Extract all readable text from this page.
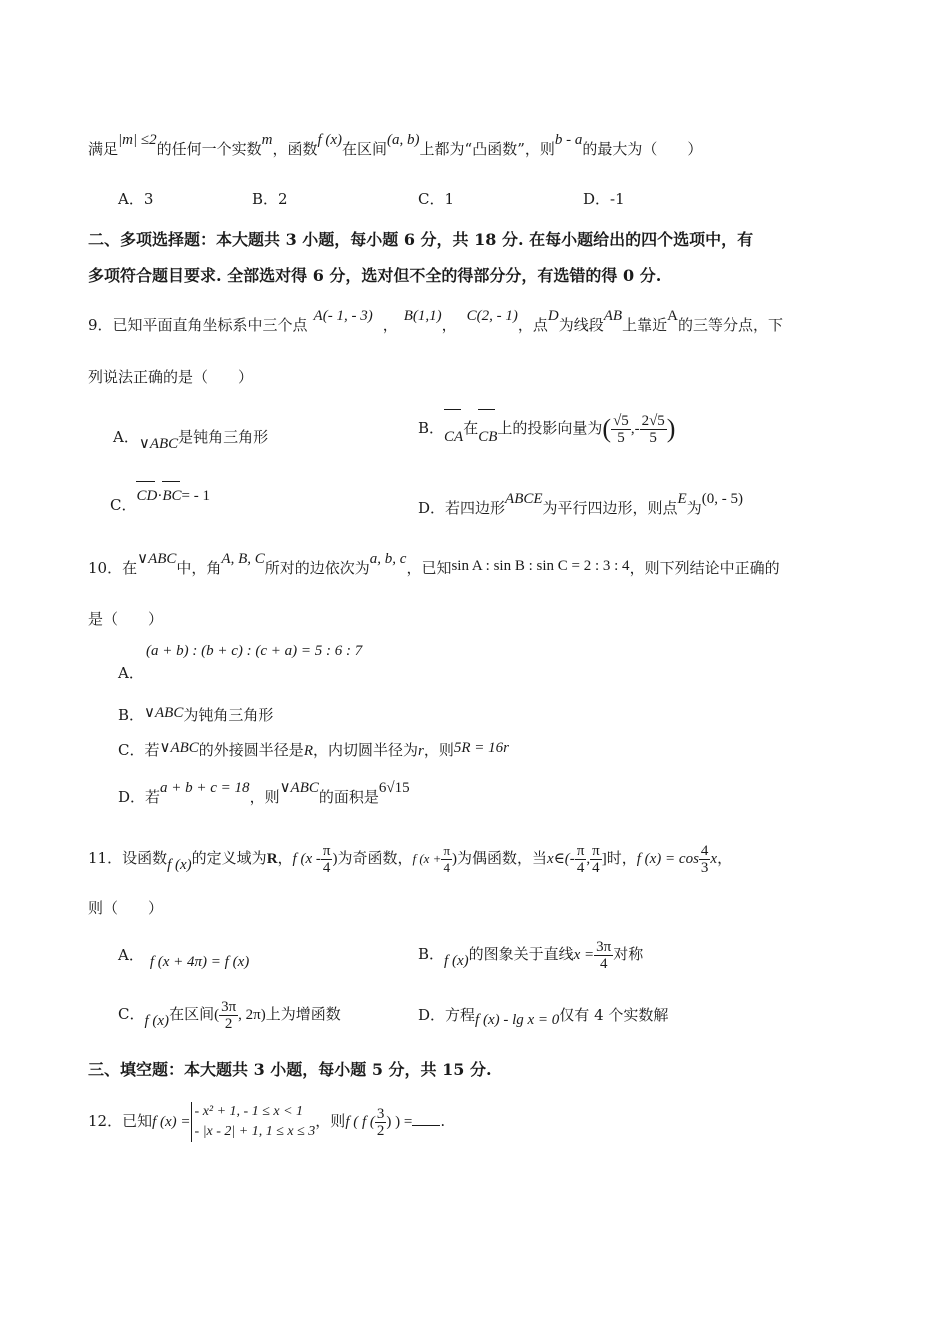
满足|m| ≤2的任何一个实数m，函数f (x)在区间(a, b)上都为“凸函数”，则b - a的最大为（　　）
A．3	B．2	C．1	D．-1
二、多项选择题：本大题共 3 小题，每小题 6 分，共 18 分. 在每小题给出的四个选项中，有
多项符合题目要求. 全部选对得 6 分，选对但不全的得部分分，有选错的得 0 分.
9．已知平面直角坐标系中三个点 A(- 1, - 3) ， B(1,1)， C(2, - 1)，点D为线段AB上靠近A的三等分点，下
列说法正确的是（　　）
A．∨ABC是钝角三角形	B．CA在CB上的投影向量为( $\frac{√5}{5}$ ,- $\frac{2√5}{5}$ )
C．CD·BC= - 1
D．若四边形ABCE为平行四边形，则点E为(0, - 5)
10．在∨ABC中，角A, B, C所对的边依次为a, b, c，已知sin A : sin B : sin C = 2 : 3 : 4，则下列结论中正确的
是（　　）
(a + b) : (b + c) : (c + a) = 5 : 6 : 7
A．
B．∨ABC为钝角三角形
C．若∨ABC的外接圆半径是R，内切圆半径为r，则5R = 16r
D．若a + b + c = 18，则∨ABC的面积是6√15
11．设函数f (x)的定义域为R，f ($x - \frac{\pi}{4}$ )为奇函数，f ($x + \frac{\pi}{4}$ )为偶函数，当x∈(- $\frac{\pi}{4}$ , $\frac{\pi}{4}$ ]时，f $(x) = \cos \frac{4}{3}$ x，
则（　　）
A． f (x + 4π) = f (x)	B．f (x)的图象关于直线$x = \frac{3\pi}{4}$ 对称
C．f (x)在区间( $\frac{3\pi}{2}$ , 2π)上为增函数	D．方程f (x) - lg x = 0仅有 4 个实数解
三、填空题：本大题共 3 小题，每小题 5 分，共 15 分.
12．已知f (x) =
- x² + 1, - 1 ≤ x < 1
- |x - 2| + 1, 1 ≤ x ≤ 3
，则f ( f ( $\frac{3}{2}$ ) ) = .
